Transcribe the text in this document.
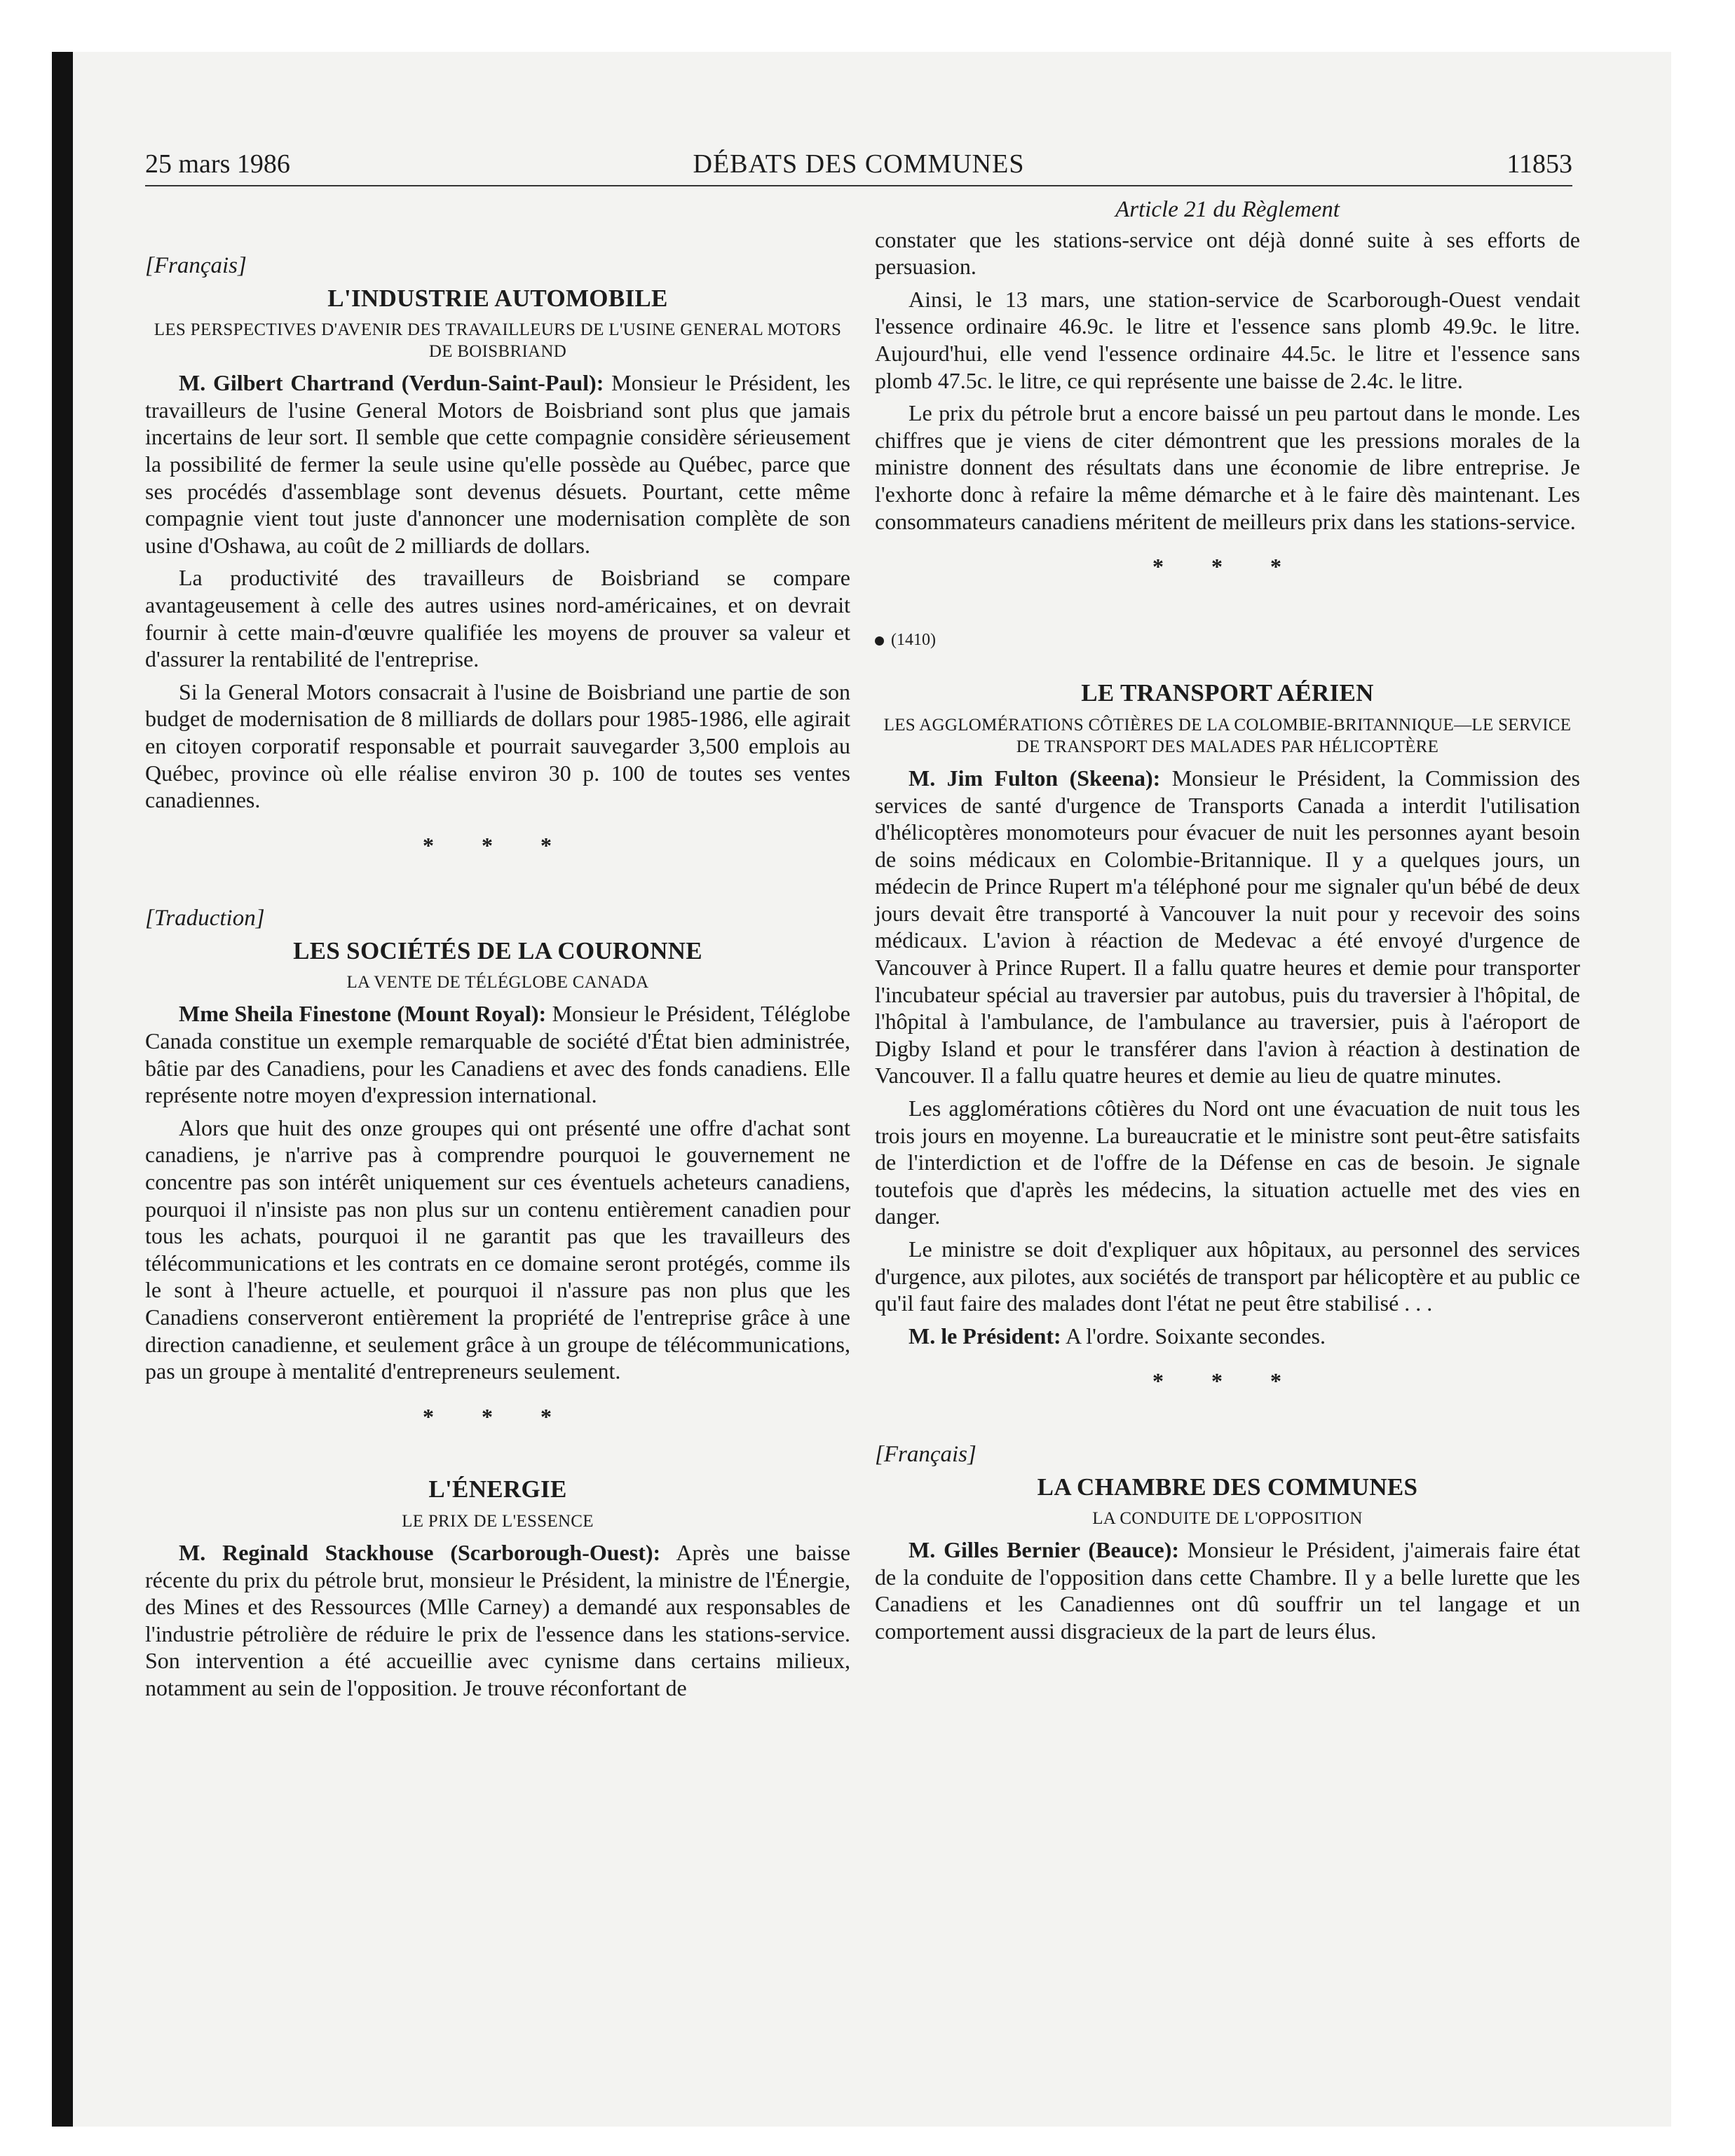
25 mars 1986	DÉBATS DES COMMUNES	11853

[Français]

L'INDUSTRIE AUTOMOBILE
LES PERSPECTIVES D'AVENIR DES TRAVAILLEURS DE L'USINE GENERAL MOTORS DE BOISBRIAND

M. Gilbert Chartrand (Verdun-Saint-Paul): Monsieur le Président, les travailleurs de l'usine General Motors de Boisbriand sont plus que jamais incertains de leur sort. Il semble que cette compagnie considère sérieusement la possibilité de fermer la seule usine qu'elle possède au Québec, parce que ses procédés d'assemblage sont devenus désuets. Pourtant, cette même compagnie vient tout juste d'annoncer une modernisation complète de son usine d'Oshawa, au coût de 2 milliards de dollars.

La productivité des travailleurs de Boisbriand se compare avantageusement à celle des autres usines nord-américaines, et on devrait fournir à cette main-d'œuvre qualifiée les moyens de prouver sa valeur et d'assurer la rentabilité de l'entreprise.

Si la General Motors consacrait à l'usine de Boisbriand une partie de son budget de modernisation de 8 milliards de dollars pour 1985-1986, elle agirait en citoyen corporatif responsable et pourrait sauvegarder 3,500 emplois au Québec, province où elle réalise environ 30 p. 100 de toutes ses ventes canadiennes.

* * *

[Traduction]

LES SOCIÉTÉS DE LA COURONNE
LA VENTE DE TÉLÉGLOBE CANADA

Mme Sheila Finestone (Mount Royal): Monsieur le Président, Téléglobe Canada constitue un exemple remarquable de société d'État bien administrée, bâtie par des Canadiens, pour les Canadiens et avec des fonds canadiens. Elle représente notre moyen d'expression international.

Alors que huit des onze groupes qui ont présenté une offre d'achat sont canadiens, je n'arrive pas à comprendre pourquoi le gouvernement ne concentre pas son intérêt uniquement sur ces éventuels acheteurs canadiens, pourquoi il n'insiste pas non plus sur un contenu entièrement canadien pour tous les achats, pourquoi il ne garantit pas que les travailleurs des télécommunications et les contrats en ce domaine seront protégés, comme ils le sont à l'heure actuelle, et pourquoi il n'assure pas non plus que les Canadiens conserveront entièrement la propriété de l'entreprise grâce à une direction canadienne, et seulement grâce à un groupe de télécommunications, pas un groupe à mentalité d'entrepreneurs seulement.

* * *
L'ÉNERGIE
LE PRIX DE L'ESSENCE

M. Reginald Stackhouse (Scarborough-Ouest): Après une baisse récente du prix du pétrole brut, monsieur le Président, la ministre de l'Énergie, des Mines et des Ressources (Mlle Carney) a demandé aux responsables de l'industrie pétrolière de réduire le prix de l'essence dans les stations-service. Son intervention a été accueillie avec cynisme dans certains milieux, notamment au sein de l'opposition. Je trouve réconfortant de

Article 21 du Règlement

constater que les stations-service ont déjà donné suite à ses efforts de persuasion.

Ainsi, le 13 mars, une station-service de Scarborough-Ouest vendait l'essence ordinaire 46.9c. le litre et l'essence sans plomb 49.9c. le litre. Aujourd'hui, elle vend l'essence ordinaire 44.5c. le litre et l'essence sans plomb 47.5c. le litre, ce qui représente une baisse de 2.4c. le litre.

Le prix du pétrole brut a encore baissé un peu partout dans le monde. Les chiffres que je viens de citer démontrent que les pressions morales de la ministre donnent des résultats dans une économie de libre entreprise. Je l'exhorte donc à refaire la même démarche et à le faire dès maintenant. Les consommateurs canadiens méritent de meilleurs prix dans les stations-service.

* * *
(1410)
LE TRANSPORT AÉRIEN
LES AGGLOMÉRATIONS CÔTIÈRES DE LA COLOMBIE-BRITANNIQUE—LE SERVICE DE TRANSPORT DES MALADES PAR HÉLICOPTÈRE

M. Jim Fulton (Skeena): Monsieur le Président, la Commission des services de santé d'urgence de Transports Canada a interdit l'utilisation d'hélicoptères monomoteurs pour évacuer de nuit les personnes ayant besoin de soins médicaux en Colombie-Britannique. Il y a quelques jours, un médecin de Prince Rupert m'a téléphoné pour me signaler qu'un bébé de deux jours devait être transporté à Vancouver la nuit pour y recevoir des soins médicaux. L'avion à réaction de Medevac a été envoyé d'urgence de Vancouver à Prince Rupert. Il a fallu quatre heures et demie pour transporter l'incubateur spécial au traversier par autobus, puis du traversier à l'hôpital, de l'hôpital à l'ambulance, de l'ambulance au traversier, puis à l'aéroport de Digby Island et pour le transférer dans l'avion à réaction à destination de Vancouver. Il a fallu quatre heures et demie au lieu de quatre minutes.

Les agglomérations côtières du Nord ont une évacuation de nuit tous les trois jours en moyenne. La bureaucratie et le ministre sont peut-être satisfaits de l'interdiction et de l'offre de la Défense en cas de besoin. Je signale toutefois que d'après les médecins, la situation actuelle met des vies en danger.

Le ministre se doit d'expliquer aux hôpitaux, au personnel des services d'urgence, aux pilotes, aux sociétés de transport par hélicoptère et au public ce qu'il faut faire des malades dont l'état ne peut être stabilisé . . .

M. le Président: A l'ordre. Soixante secondes.

* * *

[Français]

LA CHAMBRE DES COMMUNES
LA CONDUITE DE L'OPPOSITION

M. Gilles Bernier (Beauce): Monsieur le Président, j'aimerais faire état de la conduite de l'opposition dans cette Chambre. Il y a belle lurette que les Canadiens et les Canadiennes ont dû souffrir un tel langage et un comportement aussi disgracieux de la part de leurs élus.
